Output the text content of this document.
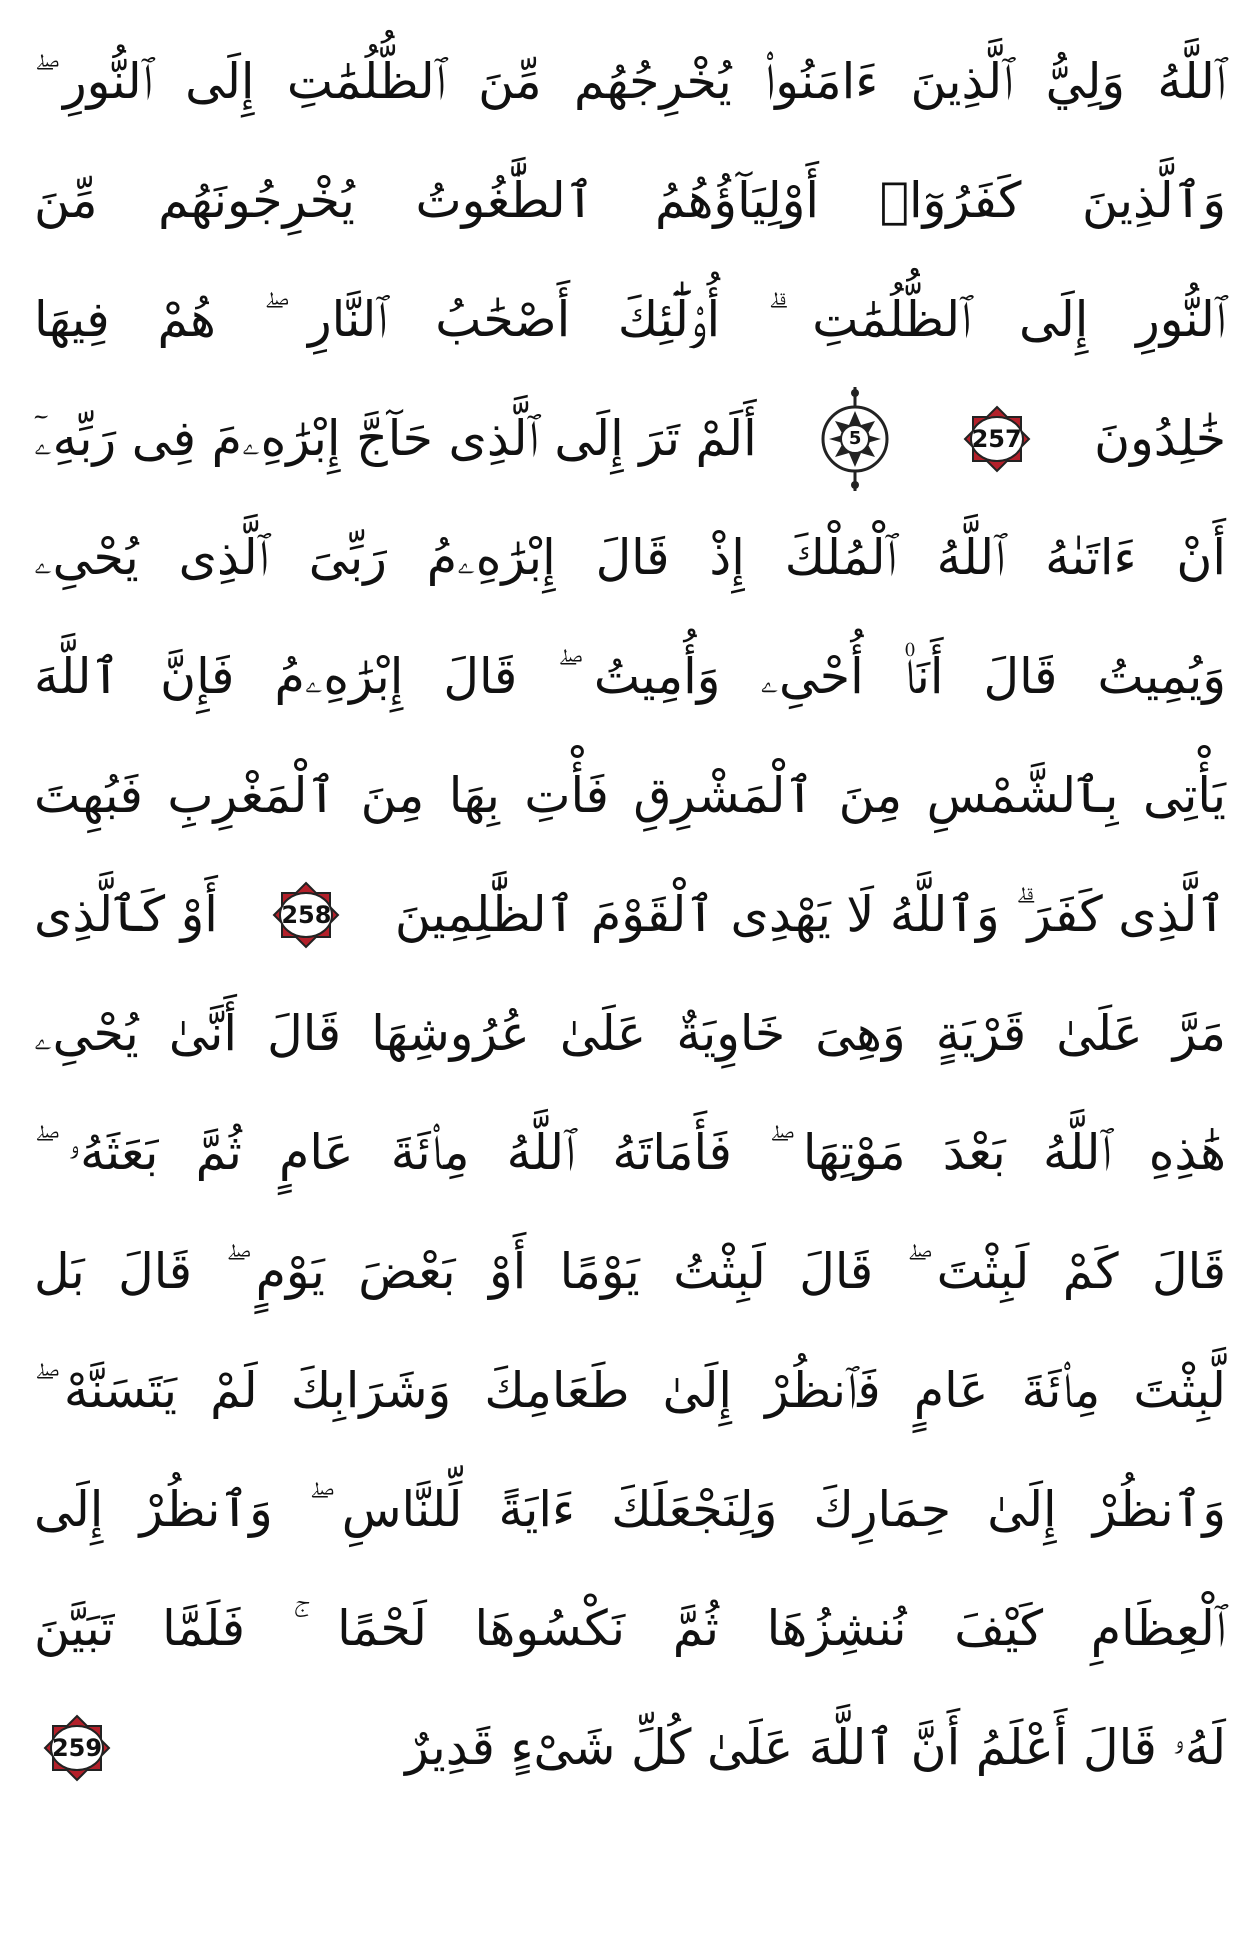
ٱللَّهُ وَلِيُّ ٱلَّذِينَ ءَامَنُوا۟ يُخْرِجُهُم مِّنَ ٱلظُّلُمَٰتِ إِلَى ٱلنُّورِ ۖ
وَٱلَّذِينَ كَفَرُوٓا۟ أَوْلِيَآؤُهُمُ ٱلطَّٰغُوتُ يُخْرِجُونَهُم مِّنَ
ٱلنُّورِ إِلَى ٱلظُّلُمَٰتِ ۗ أُو۟لَٰٓئِكَ أَصْحَٰبُ ٱلنَّارِ ۖ هُمْ فِيهَا
خَٰلِدُونَ
257
5
أَلَمْ تَرَ إِلَى ٱلَّذِى حَآجَّ إِبْرَٰهِۦمَ فِى رَبِّهِۦٓ
أَنْ ءَاتَىٰهُ ٱللَّهُ ٱلْمُلْكَ إِذْ قَالَ إِبْرَٰهِۦمُ رَبِّىَ ٱلَّذِى يُحْىِۦ
وَيُمِيتُ قَالَ أَنَا۠ أُحْىِۦ وَأُمِيتُ ۖ قَالَ إِبْرَٰهِۦمُ فَإِنَّ ٱللَّهَ
يَأْتِى بِٱلشَّمْسِ مِنَ ٱلْمَشْرِقِ فَأْتِ بِهَا مِنَ ٱلْمَغْرِبِ فَبُهِتَ
ٱلَّذِى كَفَرَ ۗ وَٱللَّهُ لَا يَهْدِى ٱلْقَوْمَ ٱلظَّٰلِمِينَ
258
أَوْ كَٱلَّذِى
مَرَّ عَلَىٰ قَرْيَةٍ وَهِىَ خَاوِيَةٌ عَلَىٰ عُرُوشِهَا قَالَ أَنَّىٰ يُحْىِۦ
هَٰذِهِ ٱللَّهُ بَعْدَ مَوْتِهَا ۖ فَأَمَاتَهُ ٱللَّهُ مِا۟ئَةَ عَامٍ ثُمَّ بَعَثَهُۥ ۖ
قَالَ كَمْ لَبِثْتَ ۖ قَالَ لَبِثْتُ يَوْمًا أَوْ بَعْضَ يَوْمٍ ۖ قَالَ بَل
لَّبِثْتَ مِا۟ئَةَ عَامٍ فَٱنظُرْ إِلَىٰ طَعَامِكَ وَشَرَابِكَ لَمْ يَتَسَنَّهْ ۖ
وَٱنظُرْ إِلَىٰ حِمَارِكَ وَلِنَجْعَلَكَ ءَايَةً لِّلنَّاسِ ۖ وَٱنظُرْ إِلَى
ٱلْعِظَامِ كَيْفَ نُنشِزُهَا ثُمَّ نَكْسُوهَا لَحْمًا ۚ فَلَمَّا تَبَيَّنَ
لَهُۥ قَالَ أَعْلَمُ أَنَّ ٱللَّهَ عَلَىٰ كُلِّ شَىْءٍ قَدِيرٌ
259
